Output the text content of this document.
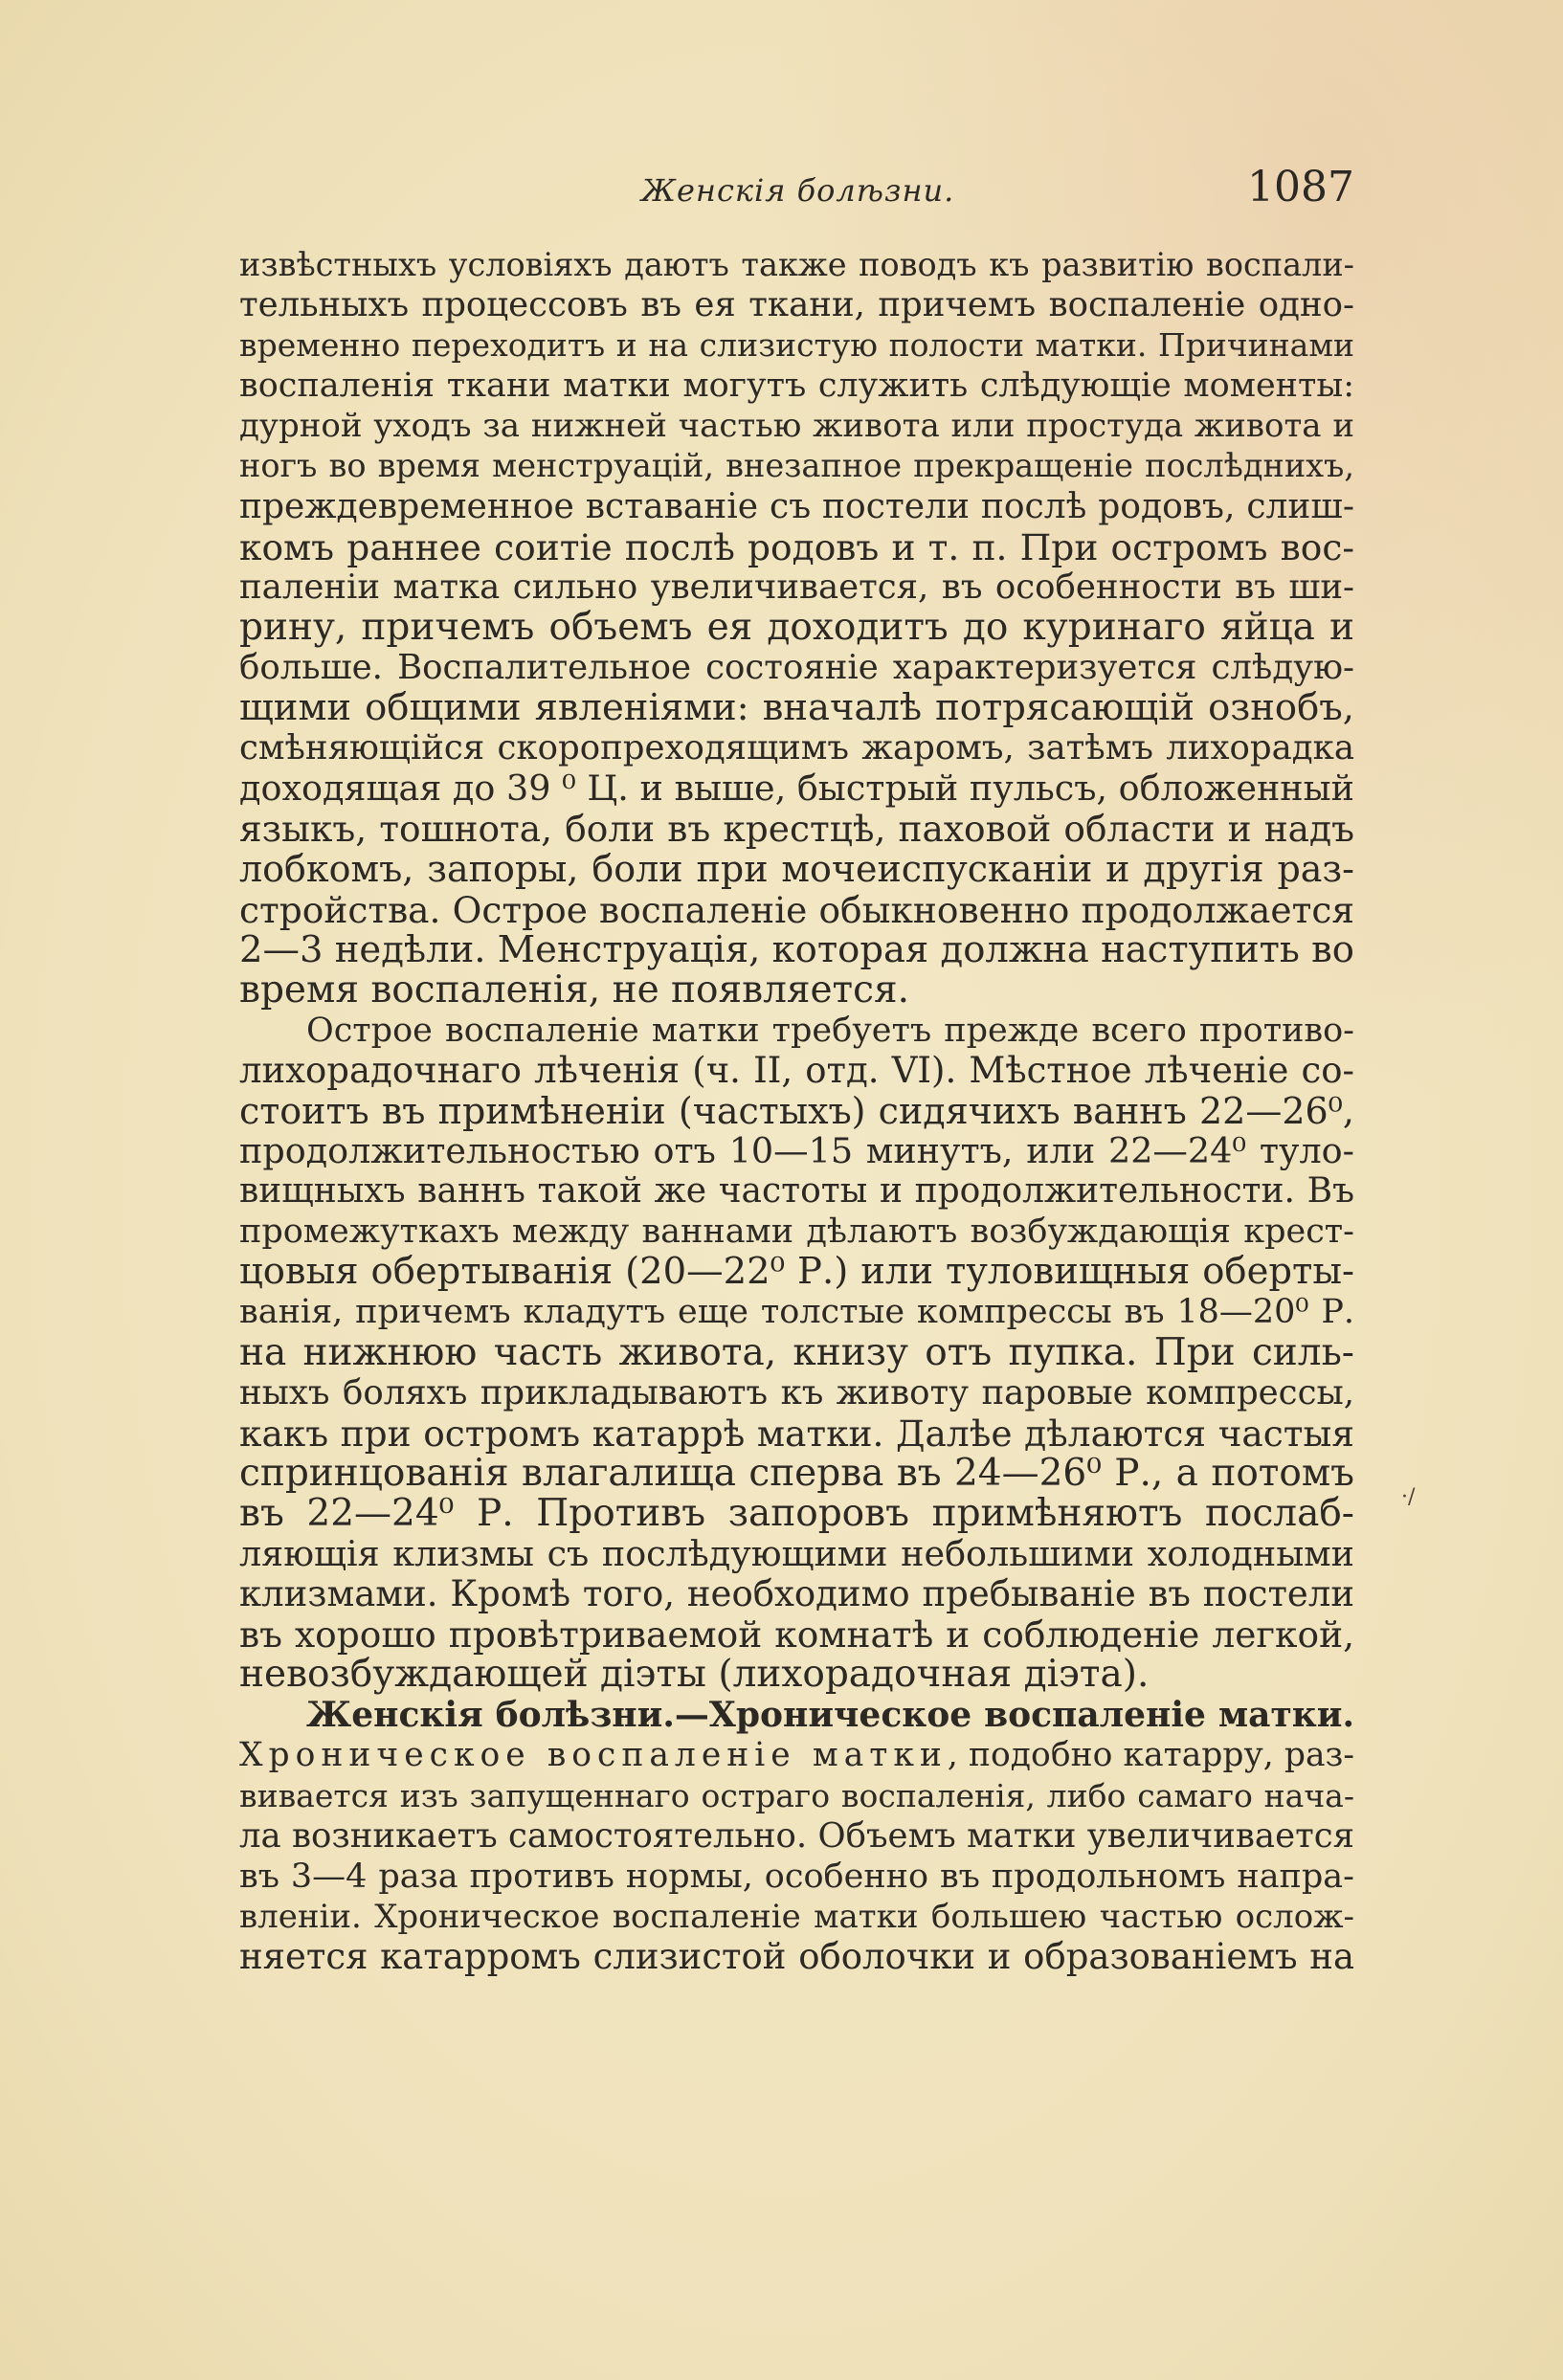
Женскія болѣзни.	1087
извѣстныхъ условіяхъ даютъ также поводъ къ развитію воспали-
тельныхъ процессовъ въ ея ткани, причемъ воспаленіе одно-
временно переходитъ и на слизистую полости матки. Причинами
воспаленія ткани матки могутъ служить слѣдующіе моменты:
дурной уходъ за нижней частью живота или простуда живота и
ногъ во время менструацій, внезапное прекращеніе послѣднихъ,
преждевременное вставаніе съ постели послѣ родовъ, слиш-
комъ раннее соитіе послѣ родовъ и т. п. При остромъ вос-
паленіи матка сильно увеличивается, въ особенности въ ши-
рину, причемъ объемъ ея доходитъ до куринаго яйца и
больше. Воспалительное состояніе характеризуется слѣдую-
щими общими явленіями: вначалѣ потрясающій ознобъ,
смѣняющійся скоропреходящимъ жаромъ, затѣмъ лихорадка
доходящая до 39 ⁰ Ц. и выше, быстрый пульсъ, обложенный
языкъ, тошнота, боли въ крестцѣ, паховой области и надъ
лобкомъ, запоры, боли при мочеиспусканіи и другія раз-
стройства. Острое воспаленіе обыкновенно продолжается
2—3 недѣли. Менструація, которая должна наступить во
время воспаленія, не появляется.
Острое воспаленіе матки требуетъ прежде всего противо-
лихорадочнаго лѣченія (ч. II, отд. VI). Мѣстное лѣченіе со-
стоитъ въ примѣненіи (частыхъ) сидячихъ ваннъ 22—26⁰,
продолжительностью отъ 10—15 минутъ, или 22—24⁰ туло-
вищныхъ ваннъ такой же частоты и продолжительности. Въ
промежуткахъ между ваннами дѣлаютъ возбуждающія крест-
цовыя обертыванія (20—22⁰ Р.) или туловищныя оберты-
ванія, причемъ кладутъ еще толстые компрессы въ 18—20⁰ Р.
на нижнюю часть живота, книзу отъ пупка. При силь-
ныхъ боляхъ прикладываютъ къ животу паровые компрессы,
какъ при остромъ катаррѣ матки. Далѣе дѣлаются частыя
спринцованія влагалища сперва въ 24—26⁰ Р., а потомъ
въ 22—24⁰ Р. Противъ запоровъ примѣняютъ послаб-
ляющія клизмы съ послѣдующими небольшими холодными
клизмами. Кромѣ того, необходимо пребываніе въ постели
въ хорошо провѣтриваемой комнатѣ и соблюденіе легкой,
невозбуждающей діэты (лихорадочная діэта).
Женскія болѣзни.—Хроническое воспаленіе матки.
Хроническое воспаленіе матки, подобно катарру, раз-
вивается изъ запущеннаго остраго воспаленія, либо самаго нача-
ла возникаетъ самостоятельно. Объемъ матки увеличивается
въ 3—4 раза противъ нормы, особенно въ продольномъ напра-
вленіи. Хроническое воспаленіе матки большею частью ослож-
няется катарромъ слизистой оболочки и образованіемъ на
·/
